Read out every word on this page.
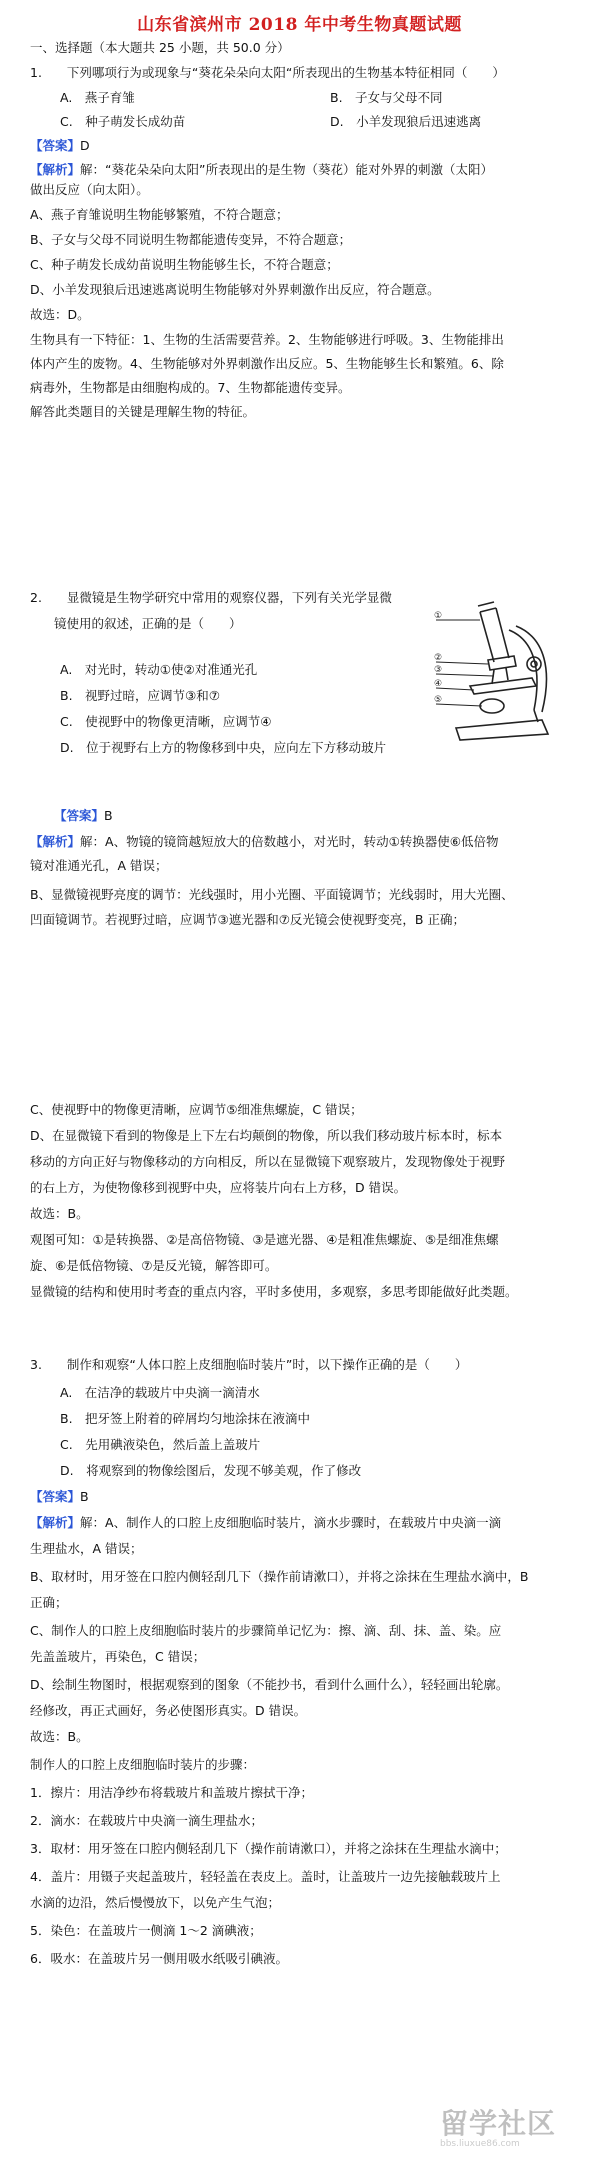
山东省滨州市 2018 年中考生物真题试题
一、选择题（本大题共 25 小题，共 50.0 分）
1.　　下列哪项行为或现象与“葵花朵朵向太阳“所表现出的生物基本特征相同（　　）
A.　燕子育雏	B.　子女与父母不同
C.　种子萌发长成幼苗	D.　小羊发现狼后迅速逃离
【答案】D
【解析】解：“葵花朵朵向太阳”所表现出的是生物（葵花）能对外界的刺激（太阳）
做出反应（向太阳）。
A、燕子育雏说明生物能够繁殖，不符合题意；
B、子女与父母不同说明生物都能遗传变异，不符合题意；
C、种子萌发长成幼苗说明生物能够生长，不符合题意；
D、小羊发现狼后迅速逃离说明生物能够对外界刺激作出反应，符合题意。
故选：D。
生物具有一下特征：1、生物的生活需要营养。2、生物能够进行呼吸。3、生物能排出
体内产生的废物。4、生物能够对外界刺激作出反应。5、生物能够生长和繁殖。6、除
病毒外，生物都是由细胞构成的。7、生物都能遗传变异。
解答此类题目的关键是理解生物的特征。
2.　　显微镜是生物学研究中常用的观察仪器，下列有关光学显微
镜使用的叙述，正确的是（　　）
A.　对光时，转动①使②对准通光孔
B.　视野过暗，应调节③和⑦
C.　使视野中的物像更清晰，应调节④
D.　位于视野右上方的物像移到中央，应向左下方移动玻片
①
②
③
④
⑤
【答案】B
【解析】解：A、物镜的镜筒越短放大的倍数越小，对光时，转动①转换器使⑥低倍物
镜对准通光孔，A 错误；
B、显微镜视野亮度的调节：光线强时，用小光圈、平面镜调节；光线弱时，用大光圈、
凹面镜调节。若视野过暗，应调节③遮光器和⑦反光镜会使视野变亮，B 正确；
C、使视野中的物像更清晰，应调节⑤细准焦螺旋，C 错误；
D、在显微镜下看到的物像是上下左右均颠倒的物像，所以我们移动玻片标本时，标本
移动的方向正好与物像移动的方向相反，所以在显微镜下观察玻片，发现物像处于视野
的右上方，为使物像移到视野中央，应将装片向右上方移，D 错误。
故选：B。
观图可知：①是转换器、②是高倍物镜、③是遮光器、④是粗准焦螺旋、⑤是细准焦螺
旋、⑥是低倍物镜、⑦是反光镜，解答即可。
显微镜的结构和使用时考查的重点内容，平时多使用，多观察，多思考即能做好此类题。
3.　　制作和观察“人体口腔上皮细胞临时装片”时，以下操作正确的是（　　）
A.　在洁净的载玻片中央滴一滴清水
B.　把牙签上附着的碎屑均匀地涂抹在液滴中
C.　先用碘液染色，然后盖上盖玻片
D.　将观察到的物像绘图后，发现不够美观，作了修改
【答案】B
【解析】解：A、制作人的口腔上皮细胞临时装片，滴水步骤时，在载玻片中央滴一滴
生理盐水，A 错误；
B、取材时，用牙签在口腔内侧轻刮几下（操作前请漱口），并将之涂抹在生理盐水滴中，B
正确；
C、制作人的口腔上皮细胞临时装片的步骤简单记忆为：擦、滴、刮、抹、盖、染。应
先盖盖玻片，再染色，C 错误；
D、绘制生物图时，根据观察到的图象（不能抄书，看到什么画什么），轻轻画出轮廓。
经修改，再正式画好，务必使图形真实。D 错误。
故选：B。
制作人的口腔上皮细胞临时装片的步骤：
1．擦片：用洁净纱布将载玻片和盖玻片擦拭干净；
2．滴水：在载玻片中央滴一滴生理盐水；
3．取材：用牙签在口腔内侧轻刮几下（操作前请漱口），并将之涂抹在生理盐水滴中；
4．盖片：用镊子夹起盖玻片，轻轻盖在表皮上。盖时，让盖玻片一边先接触载玻片上
水滴的边沿，然后慢慢放下，以免产生气泡；
5．染色：在盖玻片一侧滴 1～2 滴碘液；
6．吸水：在盖玻片另一侧用吸水纸吸引碘液。
留学社区
bbs.liuxue86.com
